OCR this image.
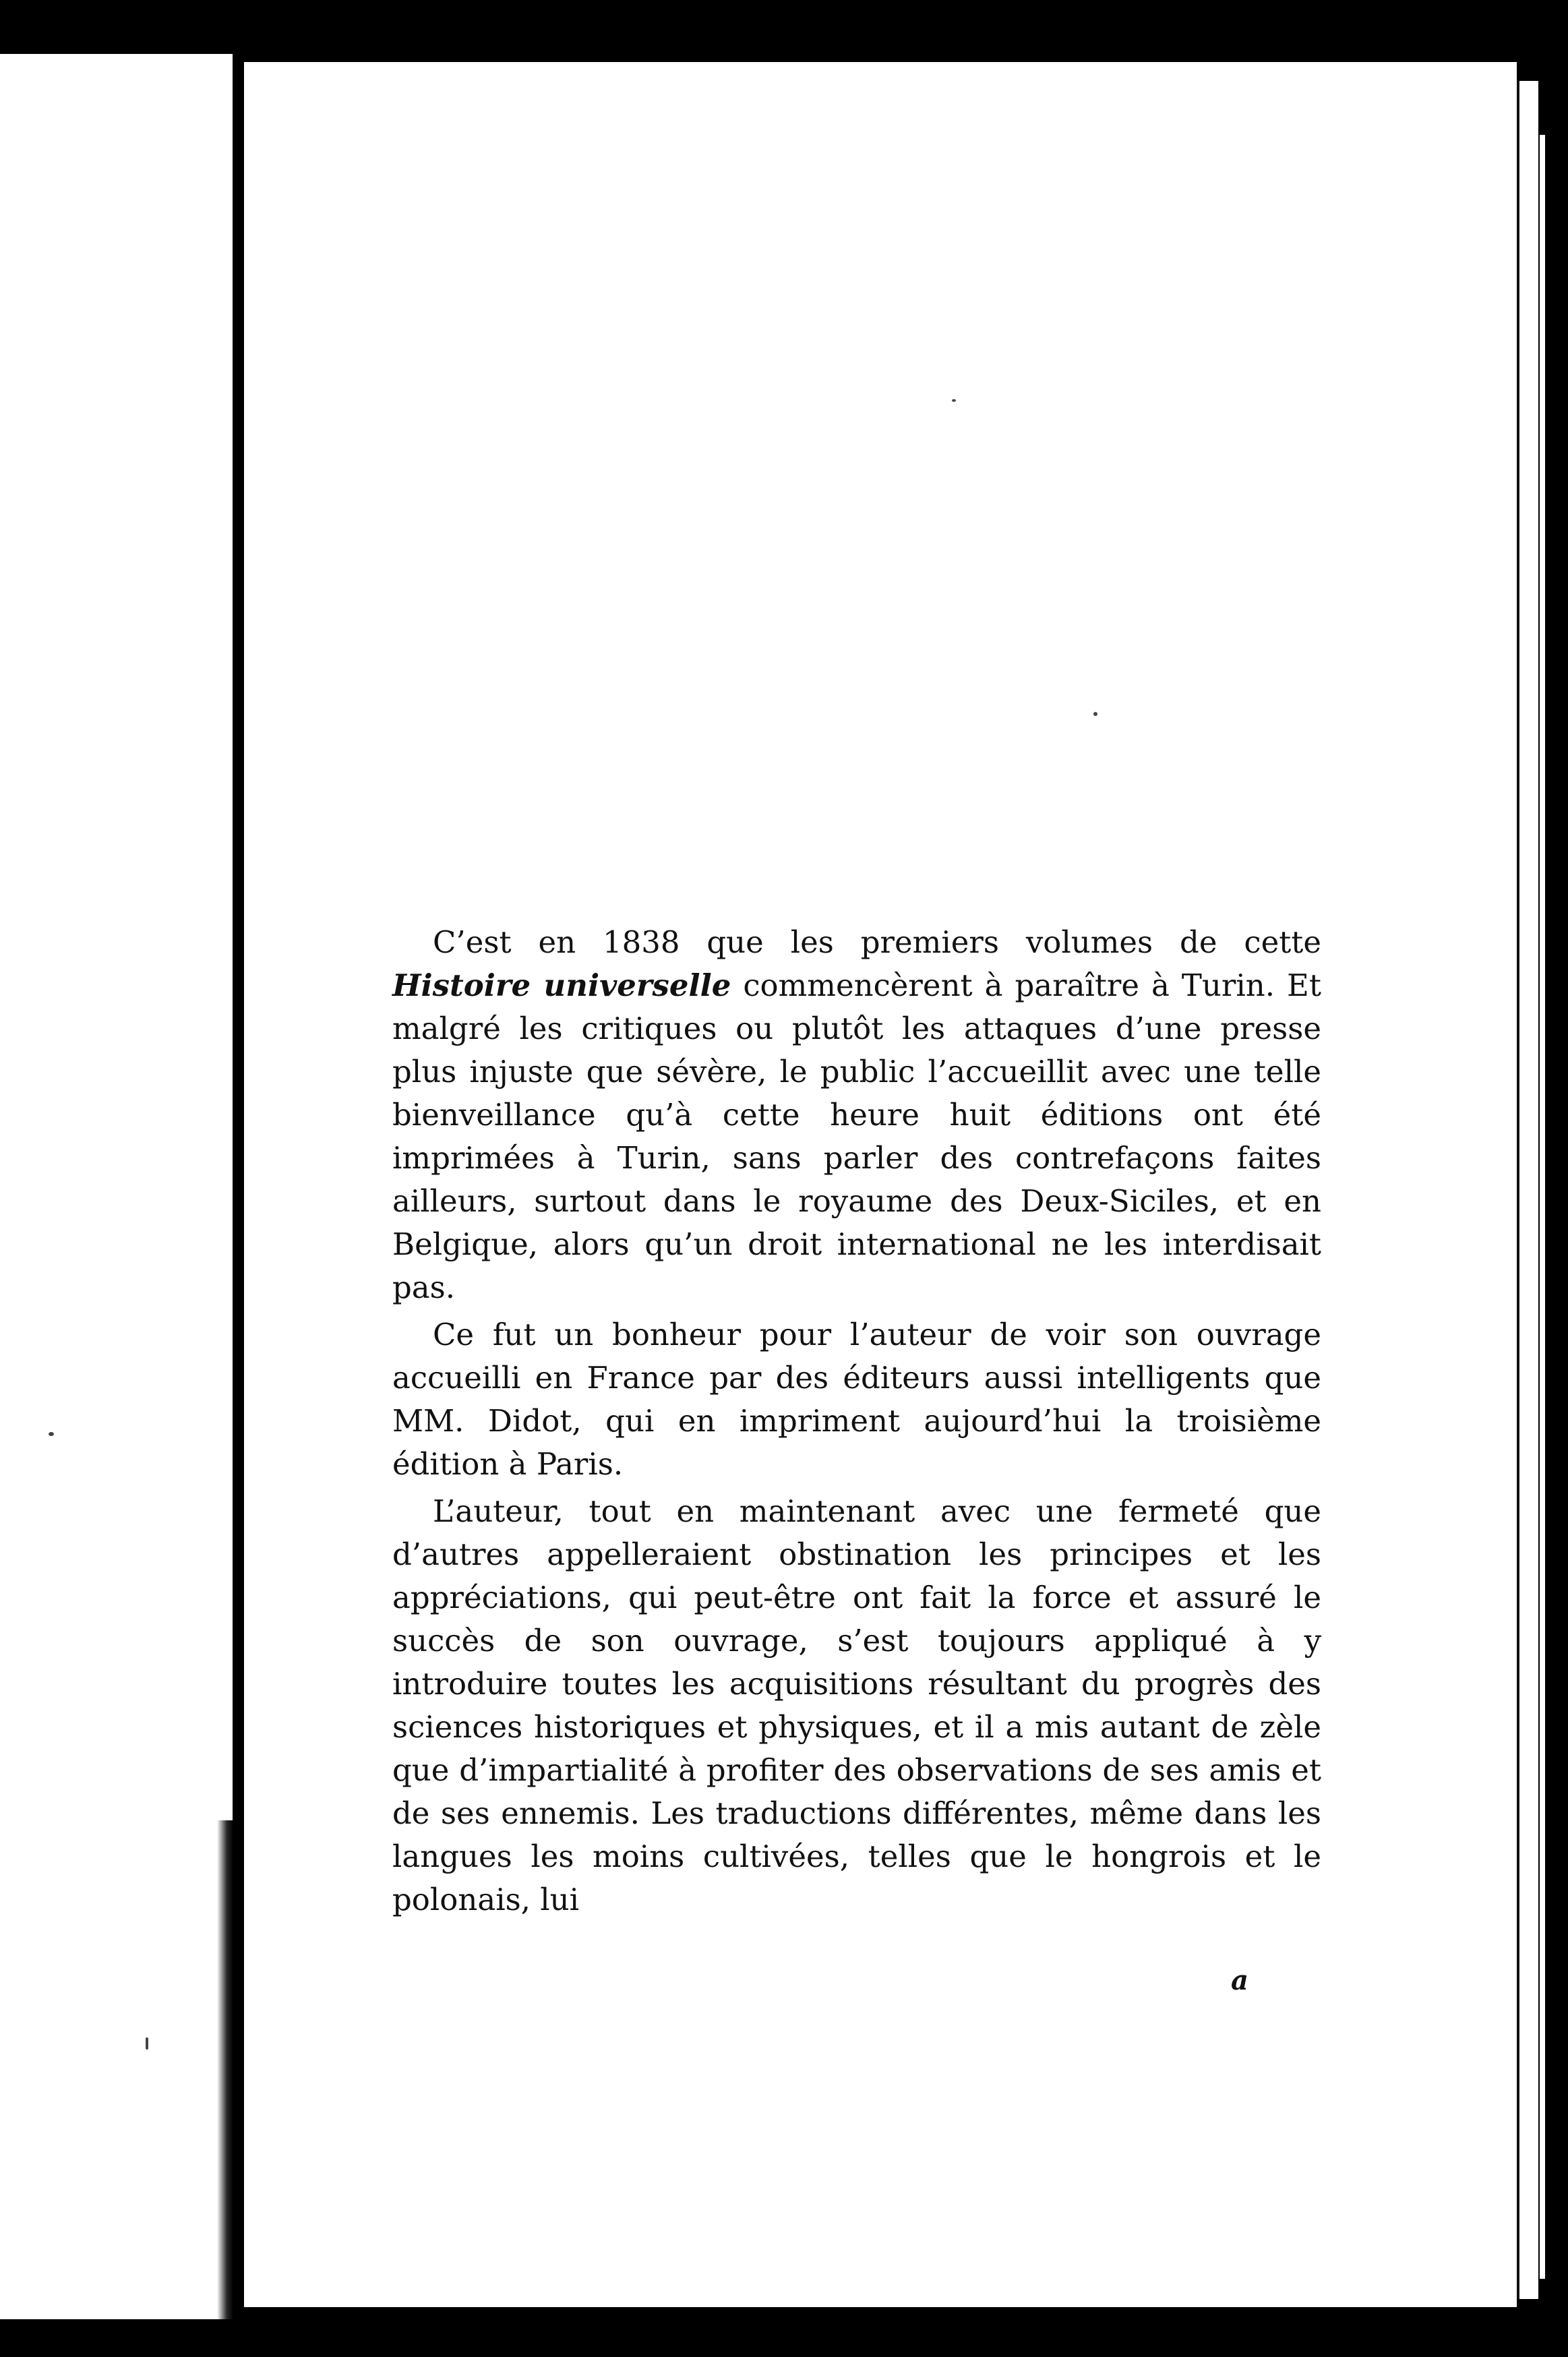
C’est en 1838 que les premiers volumes de cette Histoire universelle commencèrent à paraître à Turin. Et malgré les critiques ou plutôt les attaques d’une presse plus injuste que sévère, le public l’accueillit avec une telle bienveillance qu’à cette heure huit éditions ont été imprimées à Turin, sans parler des contrefaçons faites ailleurs, surtout dans le royaume des Deux-Siciles, et en Belgique, alors qu’un droit international ne les interdisait pas.

Ce fut un bonheur pour l’auteur de voir son ouvrage accueilli en France par des éditeurs aussi intelligents que MM. Didot, qui en impriment aujourd’hui la troisième édition à Paris.

L’auteur, tout en maintenant avec une fermeté que d’autres appelleraient obstination les principes et les appréciations, qui peut-être ont fait la force et assuré le succès de son ouvrage, s’est toujours appliqué à y introduire toutes les acquisitions résultant du progrès des sciences historiques et physiques, et il a mis autant de zèle que d’impartialité à profiter des observations de ses amis et de ses ennemis. Les traductions différentes, même dans les langues les moins cultivées, telles que le hongrois et le polonais, lui

a
